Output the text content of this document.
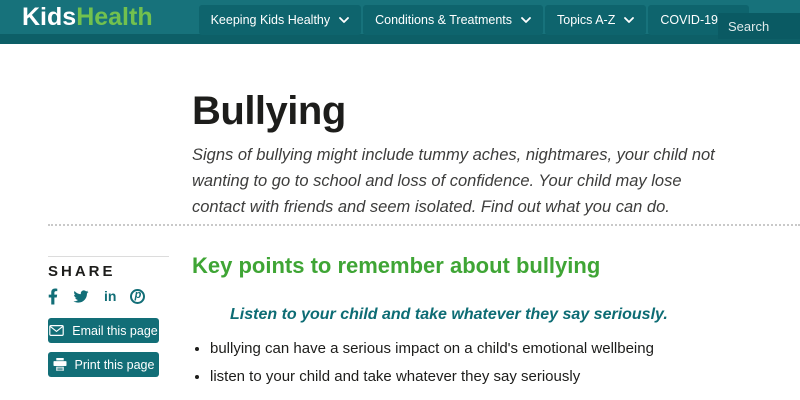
KidsHealth	Keeping Kids Healthy	Conditions & Treatments	Topics A-Z	COVID-19
Search
Bullying

Signs of bullying might include tummy aches, nightmares, your child not wanting to go to school and loss of confidence. Your child may lose contact with friends and seem isolated. Find out what you can do.

SHARE
in	p
Email this page
Print this page
Key points to remember about bullying

Listen to your child and take whatever they say seriously.

• bullying can have a serious impact on a child's emotional wellbeing
• listen to your child and take whatever they say seriously
